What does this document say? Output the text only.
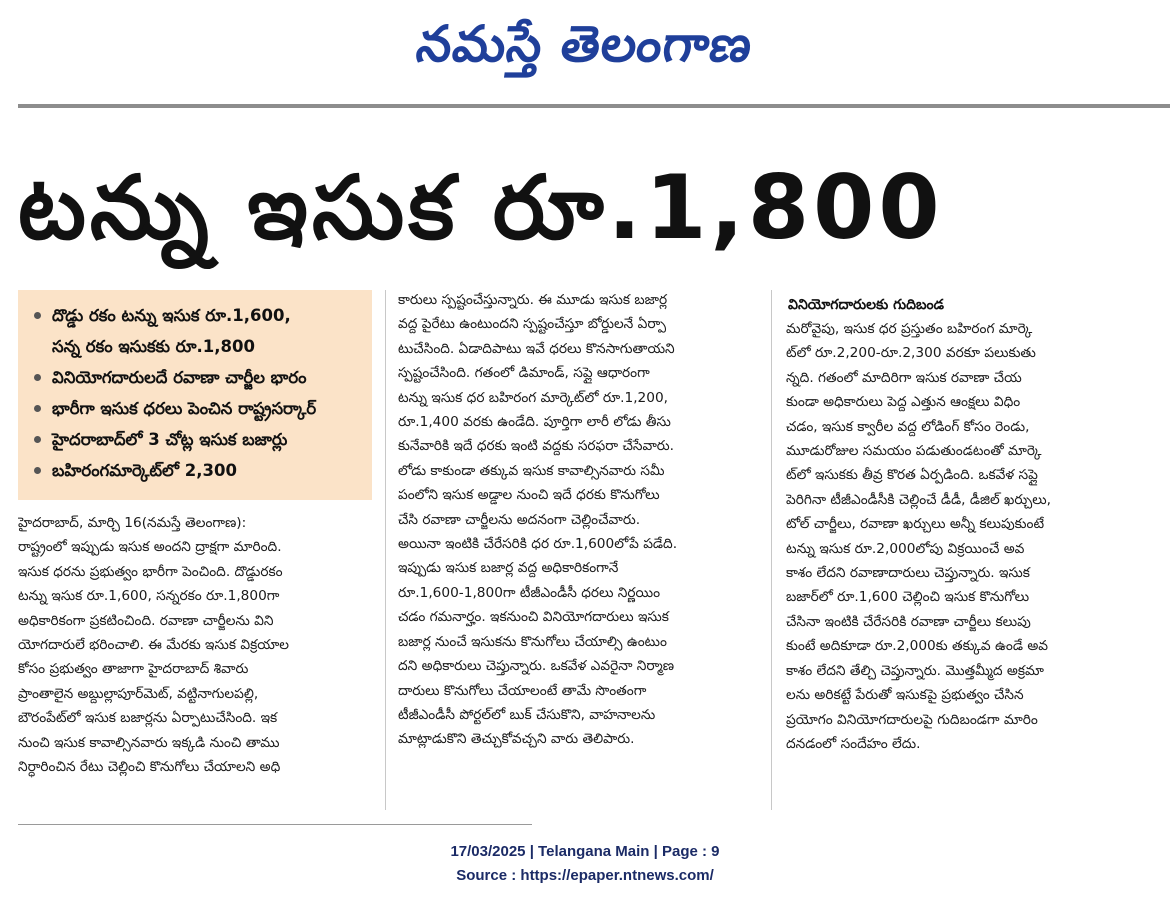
నమస్తే తెలంగాణ
టన్ను ఇసుక రూ.1,800
దొడ్డు రకం టన్ను ఇసుక రూ.1,600,
సన్న రకం ఇసుకకు రూ.1,800
వినియోగదారులదే రవాణా చార్జీల భారం
భారీగా ఇసుక ధరలు పెంచిన రాష్ట్రసర్కార్
హైదరాబాద్‌లో 3 చోట్ల ఇసుక బజార్లు
బహిరంగమార్కెట్‌లో 2,300
హైదరాబాద్, మార్చి 16(నమస్తే తెలంగాణ):
రాష్ట్రంలో ఇప్పుడు ఇసుక అందని ద్రాక్షగా మారింది.
ఇసుక ధరను ప్రభుత్వం భారీగా పెంచింది. దొడ్డురకం
టన్ను ఇసుక రూ.1,600, సన్నరకం రూ.1,800గా
అధికారికంగా ప్రకటించింది. రవాణా చార్జీలను విని
యోగదారులే భరించాలి. ఈ మేరకు ఇసుక విక్రయాల
కోసం ప్రభుత్వం తాజాగా హైదరాబాద్ శివారు
ప్రాంతాలైన అబ్దుల్లాపూర్‌మెట్, వట్టినాగులపల్లి,
బౌరంపేట్‌లో ఇసుక బజార్లను ఏర్పాటుచేసింది. ఇక
నుంచి ఇసుక కావాల్సినవారు ఇక్కడి నుంచి తాము
నిర్ధారించిన రేటు చెల్లించి కొనుగోలు చేయాలని అధి
కారులు స్పష్టంచేస్తున్నారు. ఈ మూడు ఇసుక బజార్ల
వద్ద పైరేటు ఉంటుందని స్పష్టంచేస్తూ బోర్డులనే ఏర్పా
టుచేసింది. ఏడాదిపాటు ఇవే ధరలు కొనసాగుతాయని
స్పష్టంచేసింది. గతంలో డిమాండ్, సప్లై ఆధారంగా
టన్ను ఇసుక ధర బహిరంగ మార్కెట్‌లో రూ.1,200,
రూ.1,400 వరకు ఉండేది. పూర్తిగా లారీ లోడు తీసు
కునేవారికి ఇదే ధరకు ఇంటి వద్దకు సరఫరా చేసేవారు.
లోడు కాకుండా తక్కువ ఇసుక కావాల్సినవారు సమీ
పంలోని ఇసుక అడ్డాల నుంచి ఇదే ధరకు కొనుగోలు
చేసి రవాణా చార్జీలను అదనంగా చెల్లించేవారు.
అయినా ఇంటికి చేరేసరికి ధర రూ.1,600లోపే పడేది.
ఇప్పుడు ఇసుక బజార్ల వద్ద అధికారికంగానే
రూ.1,600-1,800గా టీజీఎండీసీ ధరలు నిర్ణయిం
చడం గమనార్హం. ఇకనుంచి వినియోగదారులు ఇసుక
బజార్ల నుంచే ఇసుకను కొనుగోలు చేయాల్సి ఉంటుం
దని అధికారులు చెప్తున్నారు. ఒకవేళ ఎవరైనా నిర్మాణ
దారులు కొనుగోలు చేయాలంటే తామే సొంతంగా
టీజీఎండీసీ పోర్టల్‌లో బుక్ చేసుకొని, వాహనాలను
మాట్లాడుకొని తెచ్చుకోవచ్చని వారు తెలిపారు.
వినియోగదారులకు గుదిబండ
మరోవైపు, ఇసుక ధర ప్రస్తుతం బహిరంగ మార్కె
ట్‌లో రూ.2,200-రూ.2,300 వరకూ పలుకుతు
న్నది. గతంలో మాదిరిగా ఇసుక రవాణా చేయ
కుండా అధికారులు పెద్ద ఎత్తున ఆంక్షలు విధిం
చడం, ఇసుక క్వారీల వద్ద లోడింగ్ కోసం రెండు,
మూడురోజుల సమయం పడుతుండటంతో మార్కె
ట్‌లో ఇసుకకు తీవ్ర కొరత ఏర్పడింది. ఒకవేళ సప్లై
పెరిగినా టీజీఎండీసీకి చెల్లించే డీడీ, డీజిల్ ఖర్చులు,
టోల్ చార్జీలు, రవాణా ఖర్చులు అన్నీ కలుపుకుంటే
టన్ను ఇసుక రూ.2,000లోపు విక్రయించే అవ
కాశం లేదని రవాణాదారులు చెప్తున్నారు. ఇసుక
బజార్‌లో రూ.1,600 చెల్లించి ఇసుక కొనుగోలు
చేసినా ఇంటికి చేరేసరికి రవాణా చార్జీలు కలుపు
కుంటే అదికూడా రూ.2,000కు తక్కువ ఉండే అవ
కాశం లేదని తేల్చి చెప్తున్నారు. మొత్తమ్మీద అక్రమా
లను అరికట్టే పేరుతో ఇసుకపై ప్రభుత్వం చేసిన
ప్రయోగం వినియోగదారులపై గుదిబండగా మారిం
దనడంలో సందేహం లేదు.
17/03/2025 | Telangana Main | Page : 9
Source : https://epaper.ntnews.com/
